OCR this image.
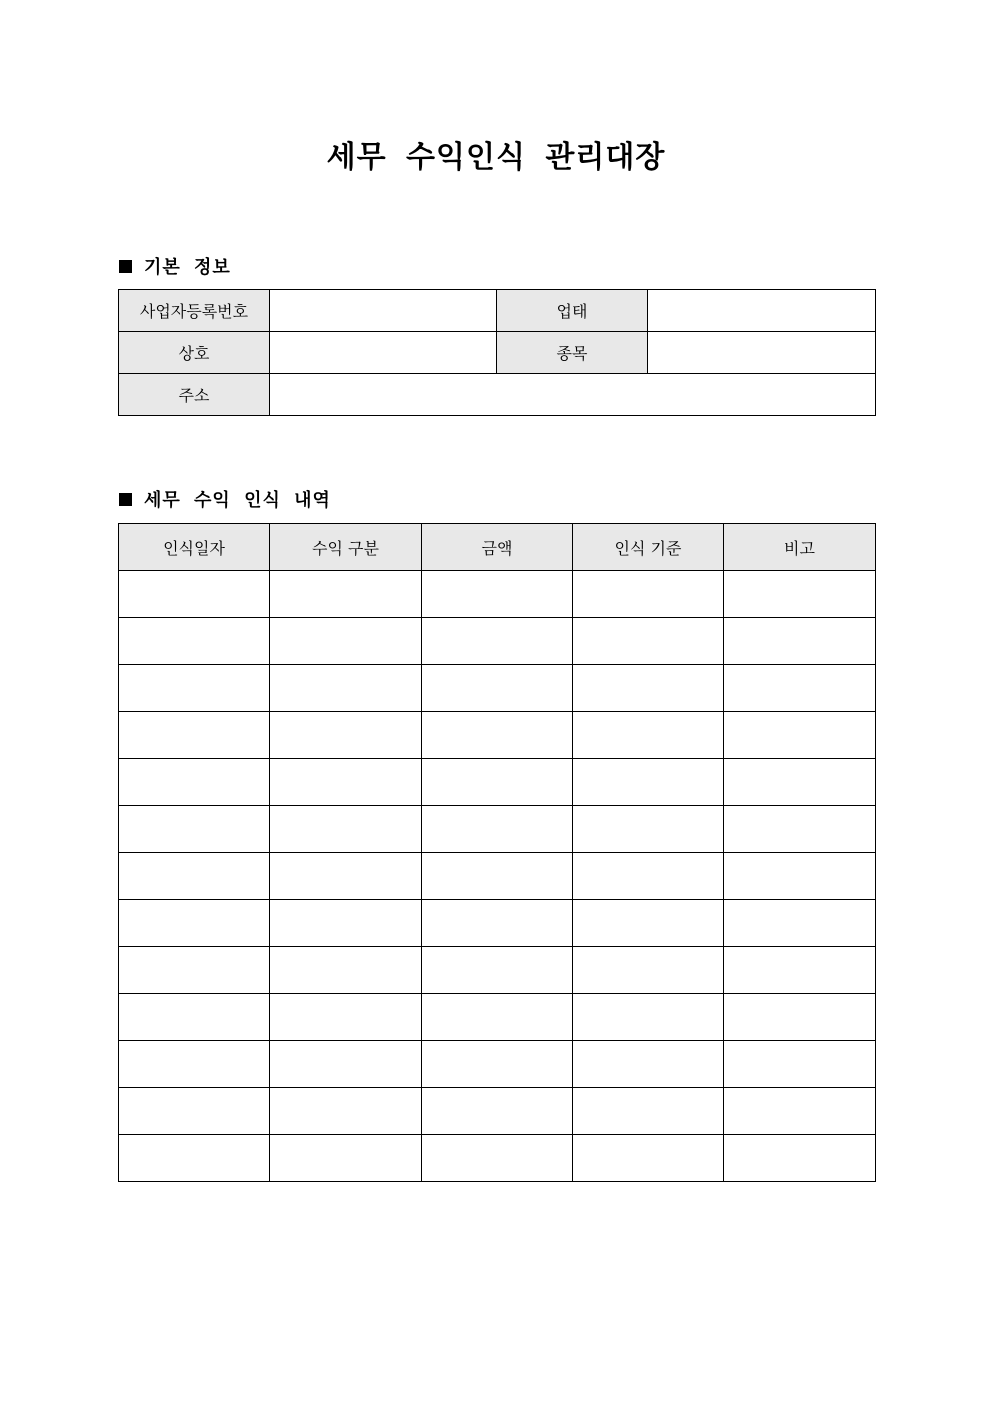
세무 수익인식 관리대장
기본 정보
사업자등록번호		업태	
상호		종목	
주소			
세무 수익 인식 내역
인식일자	수익 구분	금액	인식 기준	비고
